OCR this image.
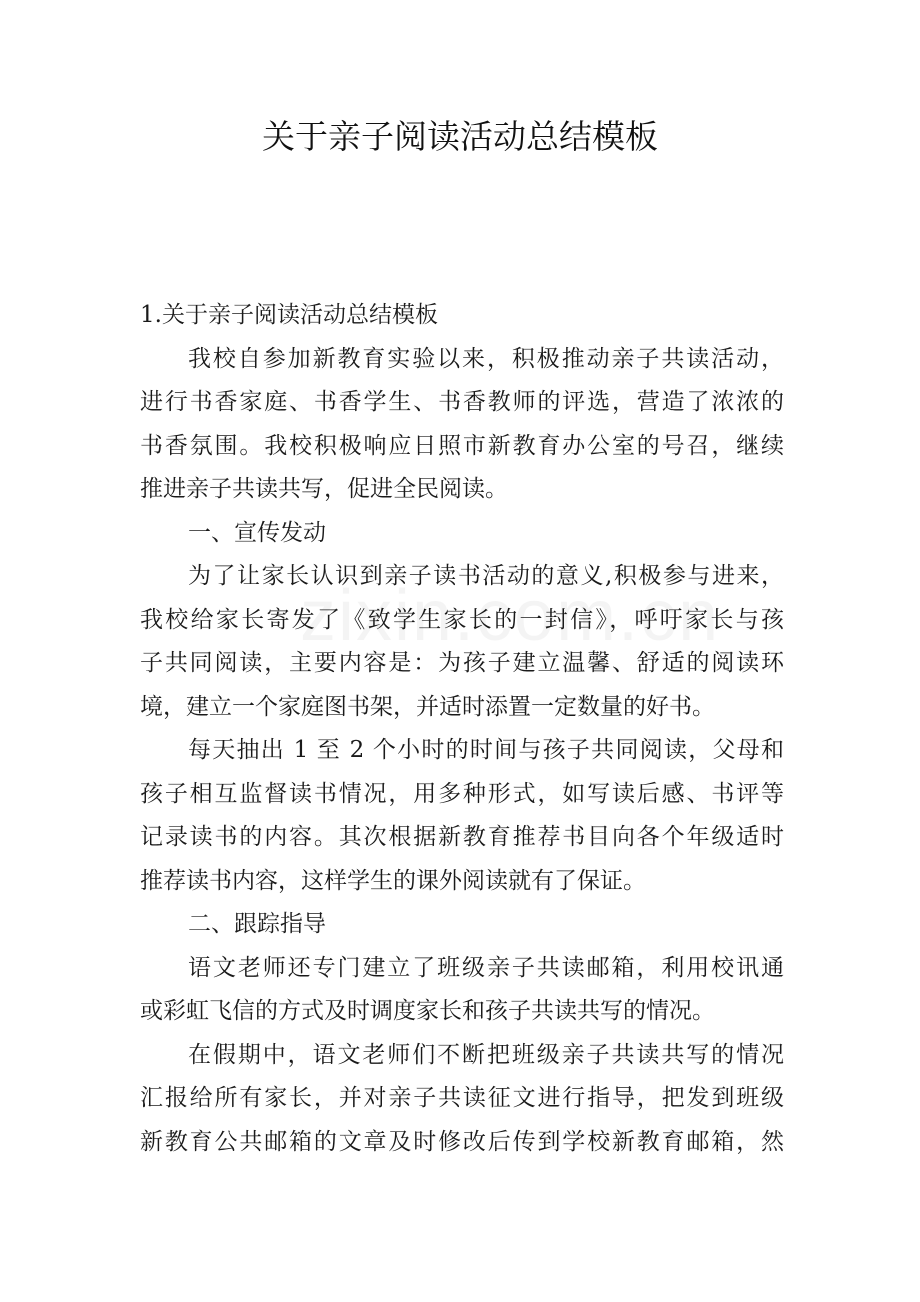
关于亲子阅读活动总结模板
1.关于亲子阅读活动总结模板
我校自参加新教育实验以来，积极推动亲子共读活动，
进行书香家庭、书香学生、书香教师的评选，营造了浓浓的
书香氛围。我校积极响应日照市新教育办公室的号召，继续
推进亲子共读共写，促进全民阅读。
一、宣传发动
为了让家长认识到亲子读书活动的意义,积极参与进来，
我校给家长寄发了《致学生家长的一封信》，呼吁家长与孩
子共同阅读，主要内容是：为孩子建立温馨、舒适的阅读环
境，建立一个家庭图书架，并适时添置一定数量的好书。
每天抽出 1 至 2 个小时的时间与孩子共同阅读，父母和
孩子相互监督读书情况，用多种形式，如写读后感、书评等
记录读书的内容。其次根据新教育推荐书目向各个年级适时
推荐读书内容，这样学生的课外阅读就有了保证。
二、跟踪指导
语文老师还专门建立了班级亲子共读邮箱，利用校讯通
或彩虹飞信的方式及时调度家长和孩子共读共写的情况。
在假期中，语文老师们不断把班级亲子共读共写的情况
汇报给所有家长，并对亲子共读征文进行指导，把发到班级
新教育公共邮箱的文章及时修改后传到学校新教育邮箱，然
